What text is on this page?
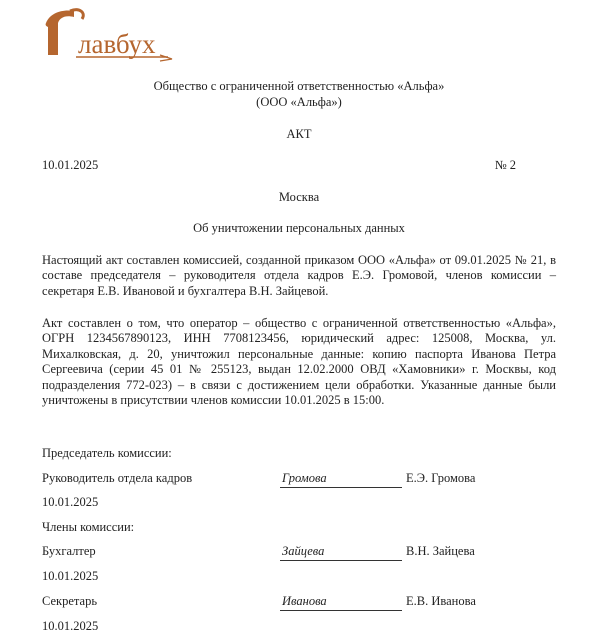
лавбух
Общество с ограниченной ответственностью «Альфа»
(ООО «Альфа»)
АКТ
10.01.2025	№ 2
Москва
Об уничтожении персональных данных
Настоящий акт составлен комиссией, созданной приказом ООО «Альфа» от 09.01.2025 № 21, в составе председателя – руководителя отдела кадров Е.Э. Громовой, членов комиссии – секретаря Е.В. Ивановой и бухгалтера В.Н. Зайцевой.
Акт составлен о том, что оператор – общество с ограниченной ответственностью «Альфа», ОГРН 1234567890123, ИНН 7708123456, юридический адрес: 125008, Москва, ул. Михалковская, д. 20, уничтожил персональные данные: копию паспорта Иванова Петра Сергеевича (серии 45 01 № 255123, выдан 12.02.2000 ОВД «Хамовники» г. Москвы, код подразделения 772-023) – в связи с достижением цели обработки. Указанные данные были уничтожены в присутствии членов комиссии 10.01.2025 в 15:00.
Председатель комиссии:
Руководитель отдела кадров	Громова	Е.Э. Громова
10.01.2025
Члены комиссии:
Бухгалтер	Зайцева	В.Н. Зайцева
10.01.2025
Секретарь	Иванова	Е.В. Иванова
10.01.2025
